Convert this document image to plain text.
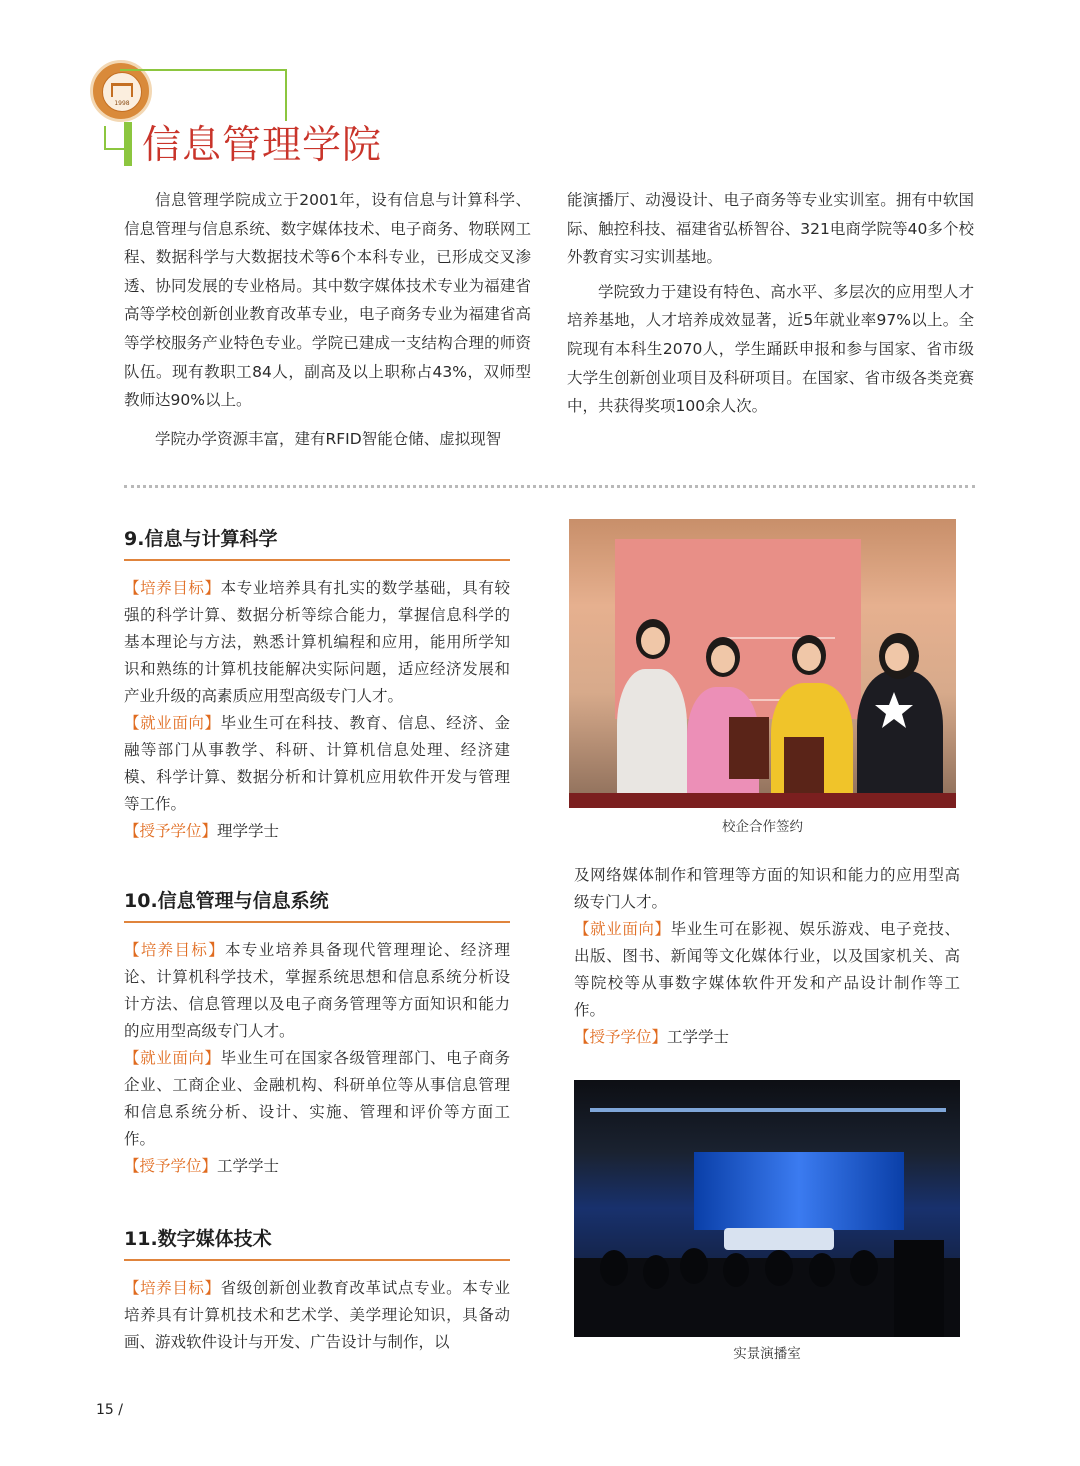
1998
信息管理学院

信息管理学院成立于2001年，设有信息与计算科学、信息管理与信息系统、数字媒体技术、电子商务、物联网工程、数据科学与大数据技术等6个本科专业，已形成交叉渗透、协同发展的专业格局。其中数字媒体技术专业为福建省高等学校创新创业教育改革专业，电子商务专业为福建省高等学校服务产业特色专业。学院已建成一支结构合理的师资队伍。现有教职工84人，副高及以上职称占43%，双师型教师达90%以上。

学院办学资源丰富，建有RFID智能仓储、虚拟现智

能演播厅、动漫设计、电子商务等专业实训室。拥有中软国际、触控科技、福建省弘桥智谷、321电商学院等40多个校外教育实习实训基地。

学院致力于建设有特色、高水平、多层次的应用型人才培养基地，人才培养成效显著，近5年就业率97%以上。全院现有本科生2070人，学生踊跃申报和参与国家、省市级大学生创新创业项目及科研项目。在国家、省市级各类竞赛中，共获得奖项100余人次。

9.信息与计算科学

【培养目标】本专业培养具有扎实的数学基础，具有较强的科学计算、数据分析等综合能力，掌握信息科学的基本理论与方法，熟悉计算机编程和应用，能用所学知识和熟练的计算机技能解决实际问题，适应经济发展和产业升级的高素质应用型高级专门人才。

【就业面向】毕业生可在科技、教育、信息、经济、金融等部门从事教学、科研、计算机信息处理、经济建模、科学计算、数据分析和计算机应用软件开发与管理等工作。

【授予学位】理学学士

10.信息管理与信息系统

【培养目标】本专业培养具备现代管理理论、经济理论、计算机科学技术，掌握系统思想和信息系统分析设计方法、信息管理以及电子商务管理等方面知识和能力的应用型高级专门人才。

【就业面向】毕业生可在国家各级管理部门、电子商务企业、工商企业、金融机构、科研单位等从事信息管理和信息系统分析、设计、实施、管理和评价等方面工作。

【授予学位】工学学士

11.数字媒体技术

【培养目标】省级创新创业教育改革试点专业。本专业培养具有计算机技术和艺术学、美学理论知识，具备动画、游戏软件设计与开发、广告设计与制作，以

及网络媒体制作和管理等方面的知识和能力的应用型高级专门人才。

【就业面向】毕业生可在影视、娱乐游戏、电子竞技、出版、图书、新闻等文化媒体行业，以及国家机关、高等院校等从事数字媒体软件开发和产品设计制作等工作。

【授予学位】工学学士

校企合作签约

实景演播室

15 /
